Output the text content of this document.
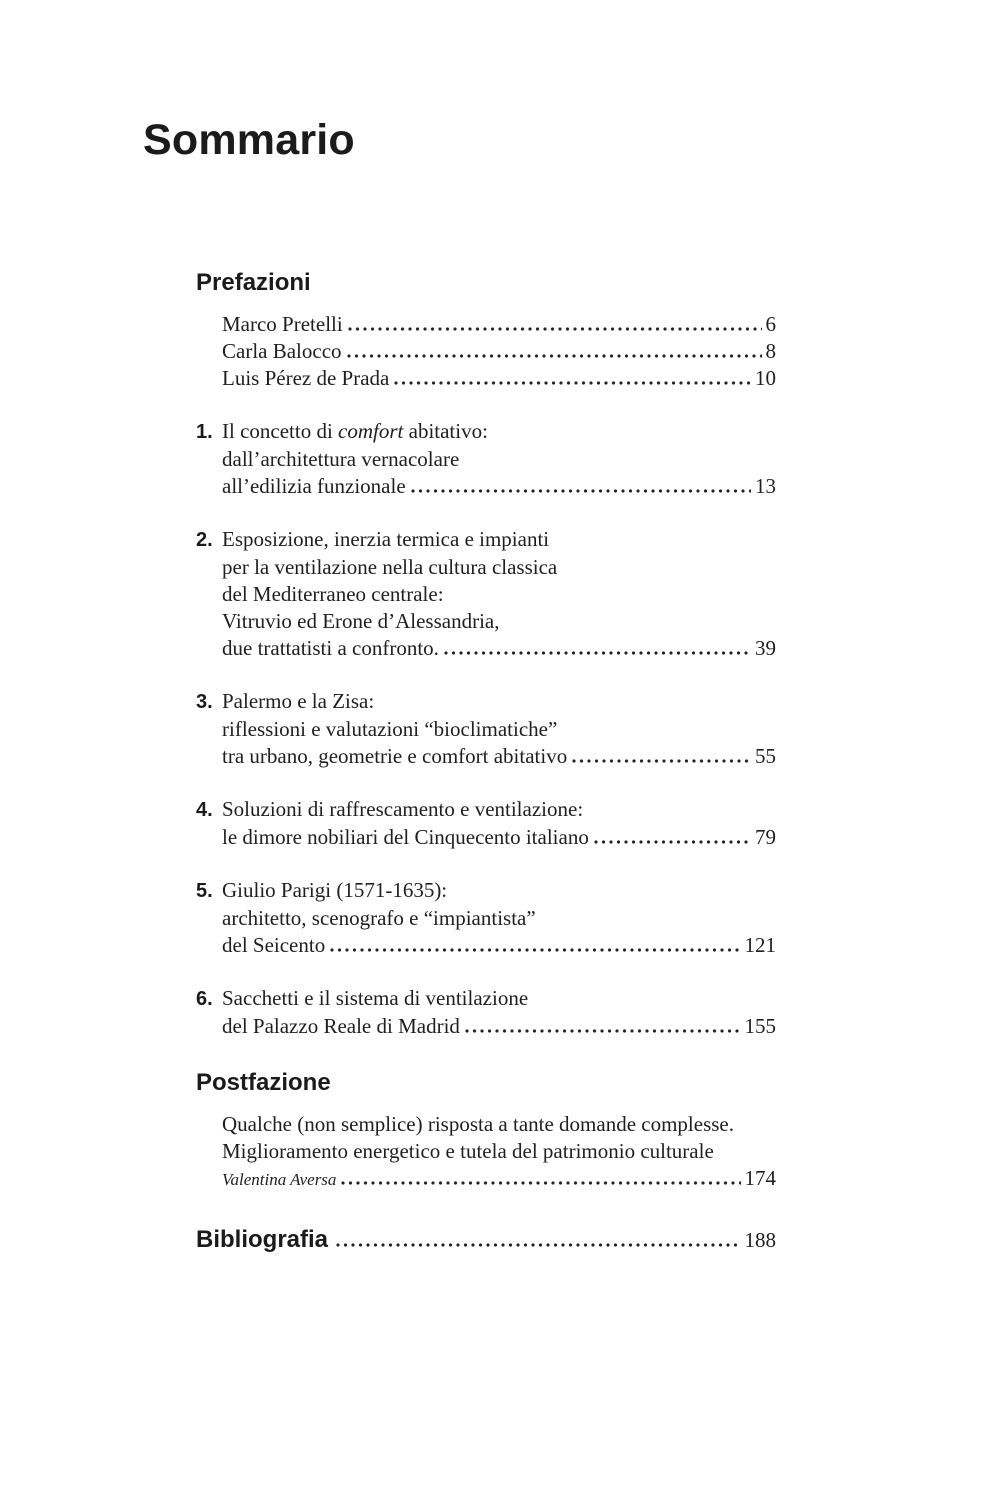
Sommario
Prefazioni
Marco Pretelli	6
Carla Balocco	8
Luis Pérez de Prada	10
1. Il concetto di comfort abitativo:
dall’architettura vernacolare
all’edilizia funzionale	13
2. Esposizione, inerzia termica e impianti
per la ventilazione nella cultura classica
del Mediterraneo centrale:
Vitruvio ed Erone d’Alessandria,
due trattatisti a confronto.	39
3. Palermo e la Zisa:
riflessioni e valutazioni “bioclimatiche”
tra urbano, geometrie e comfort abitativo	55
4. Soluzioni di raffrescamento e ventilazione:
le dimore nobiliari del Cinquecento italiano	79
5. Giulio Parigi (1571-1635):
architetto, scenografo e “impiantista”
del Seicento	121
6. Sacchetti e il sistema di ventilazione
del Palazzo Reale di Madrid	155
Postfazione
Qualche (non semplice) risposta a tante domande complesse.
Miglioramento energetico e tutela del patrimonio culturale
Valentina Aversa	174
Bibliografia	188
